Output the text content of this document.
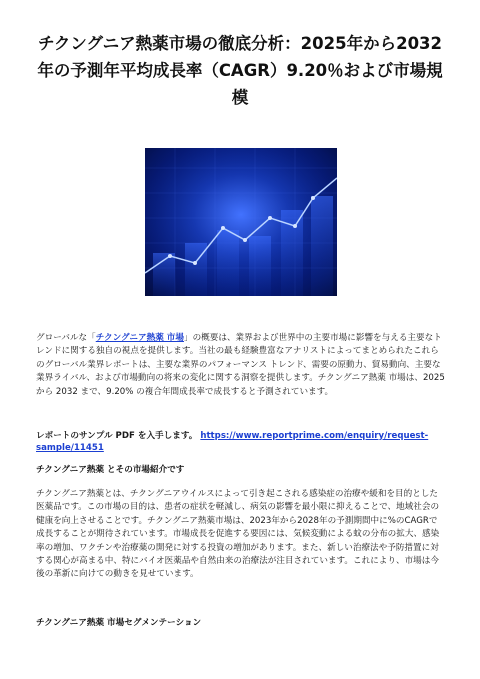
チクングニア熱薬市場の徹底分析：2025年から2032年の予測年平均成長率（CAGR）9.20％および市場規模

グローバルな「チクングニア熱薬 市場」の概要は、業界および世界中の主要市場に影響を与える主要なトレンドに関する独自の視点を提供します。当社の最も経験豊富なアナリストによってまとめられたこれらのグローバル業界レポートは、主要な業界のパフォーマンス トレンド、需要の原動力、貿易動向、主要な業界ライバル、および市場動向の将来の変化に関する洞察を提供します。チクングニア熱薬 市場は、2025 から 2032 まで、9.20% の複合年間成長率で成長すると予測されています。

レポートのサンプル PDF を入手します。 https://www.reportprime.com/enquiry/request-sample/11451

チクングニア熱薬 とその市場紹介です

チクングニア熱薬とは、チクングニアウイルスによって引き起こされる感染症の治療や緩和を目的とした医薬品です。この市場の目的は、患者の症状を軽減し、病気の影響を最小限に抑えることで、地域社会の健康を向上させることです。チクングニア熱薬市場は、2023年から2028年の予測期間中に%のCAGRで成長することが期待されています。市場成長を促進する要因には、気候変動による蚊の分布の拡大、感染率の増加、ワクチンや治療薬の開発に対する投資の増加があります。また、新しい治療法や予防措置に対する関心が高まる中、特にバイオ医薬品や自然由来の治療法が注目されています。これにより、市場は今後の革新に向けての動きを見せています。

チクングニア熱薬 市場セグメンテーション
